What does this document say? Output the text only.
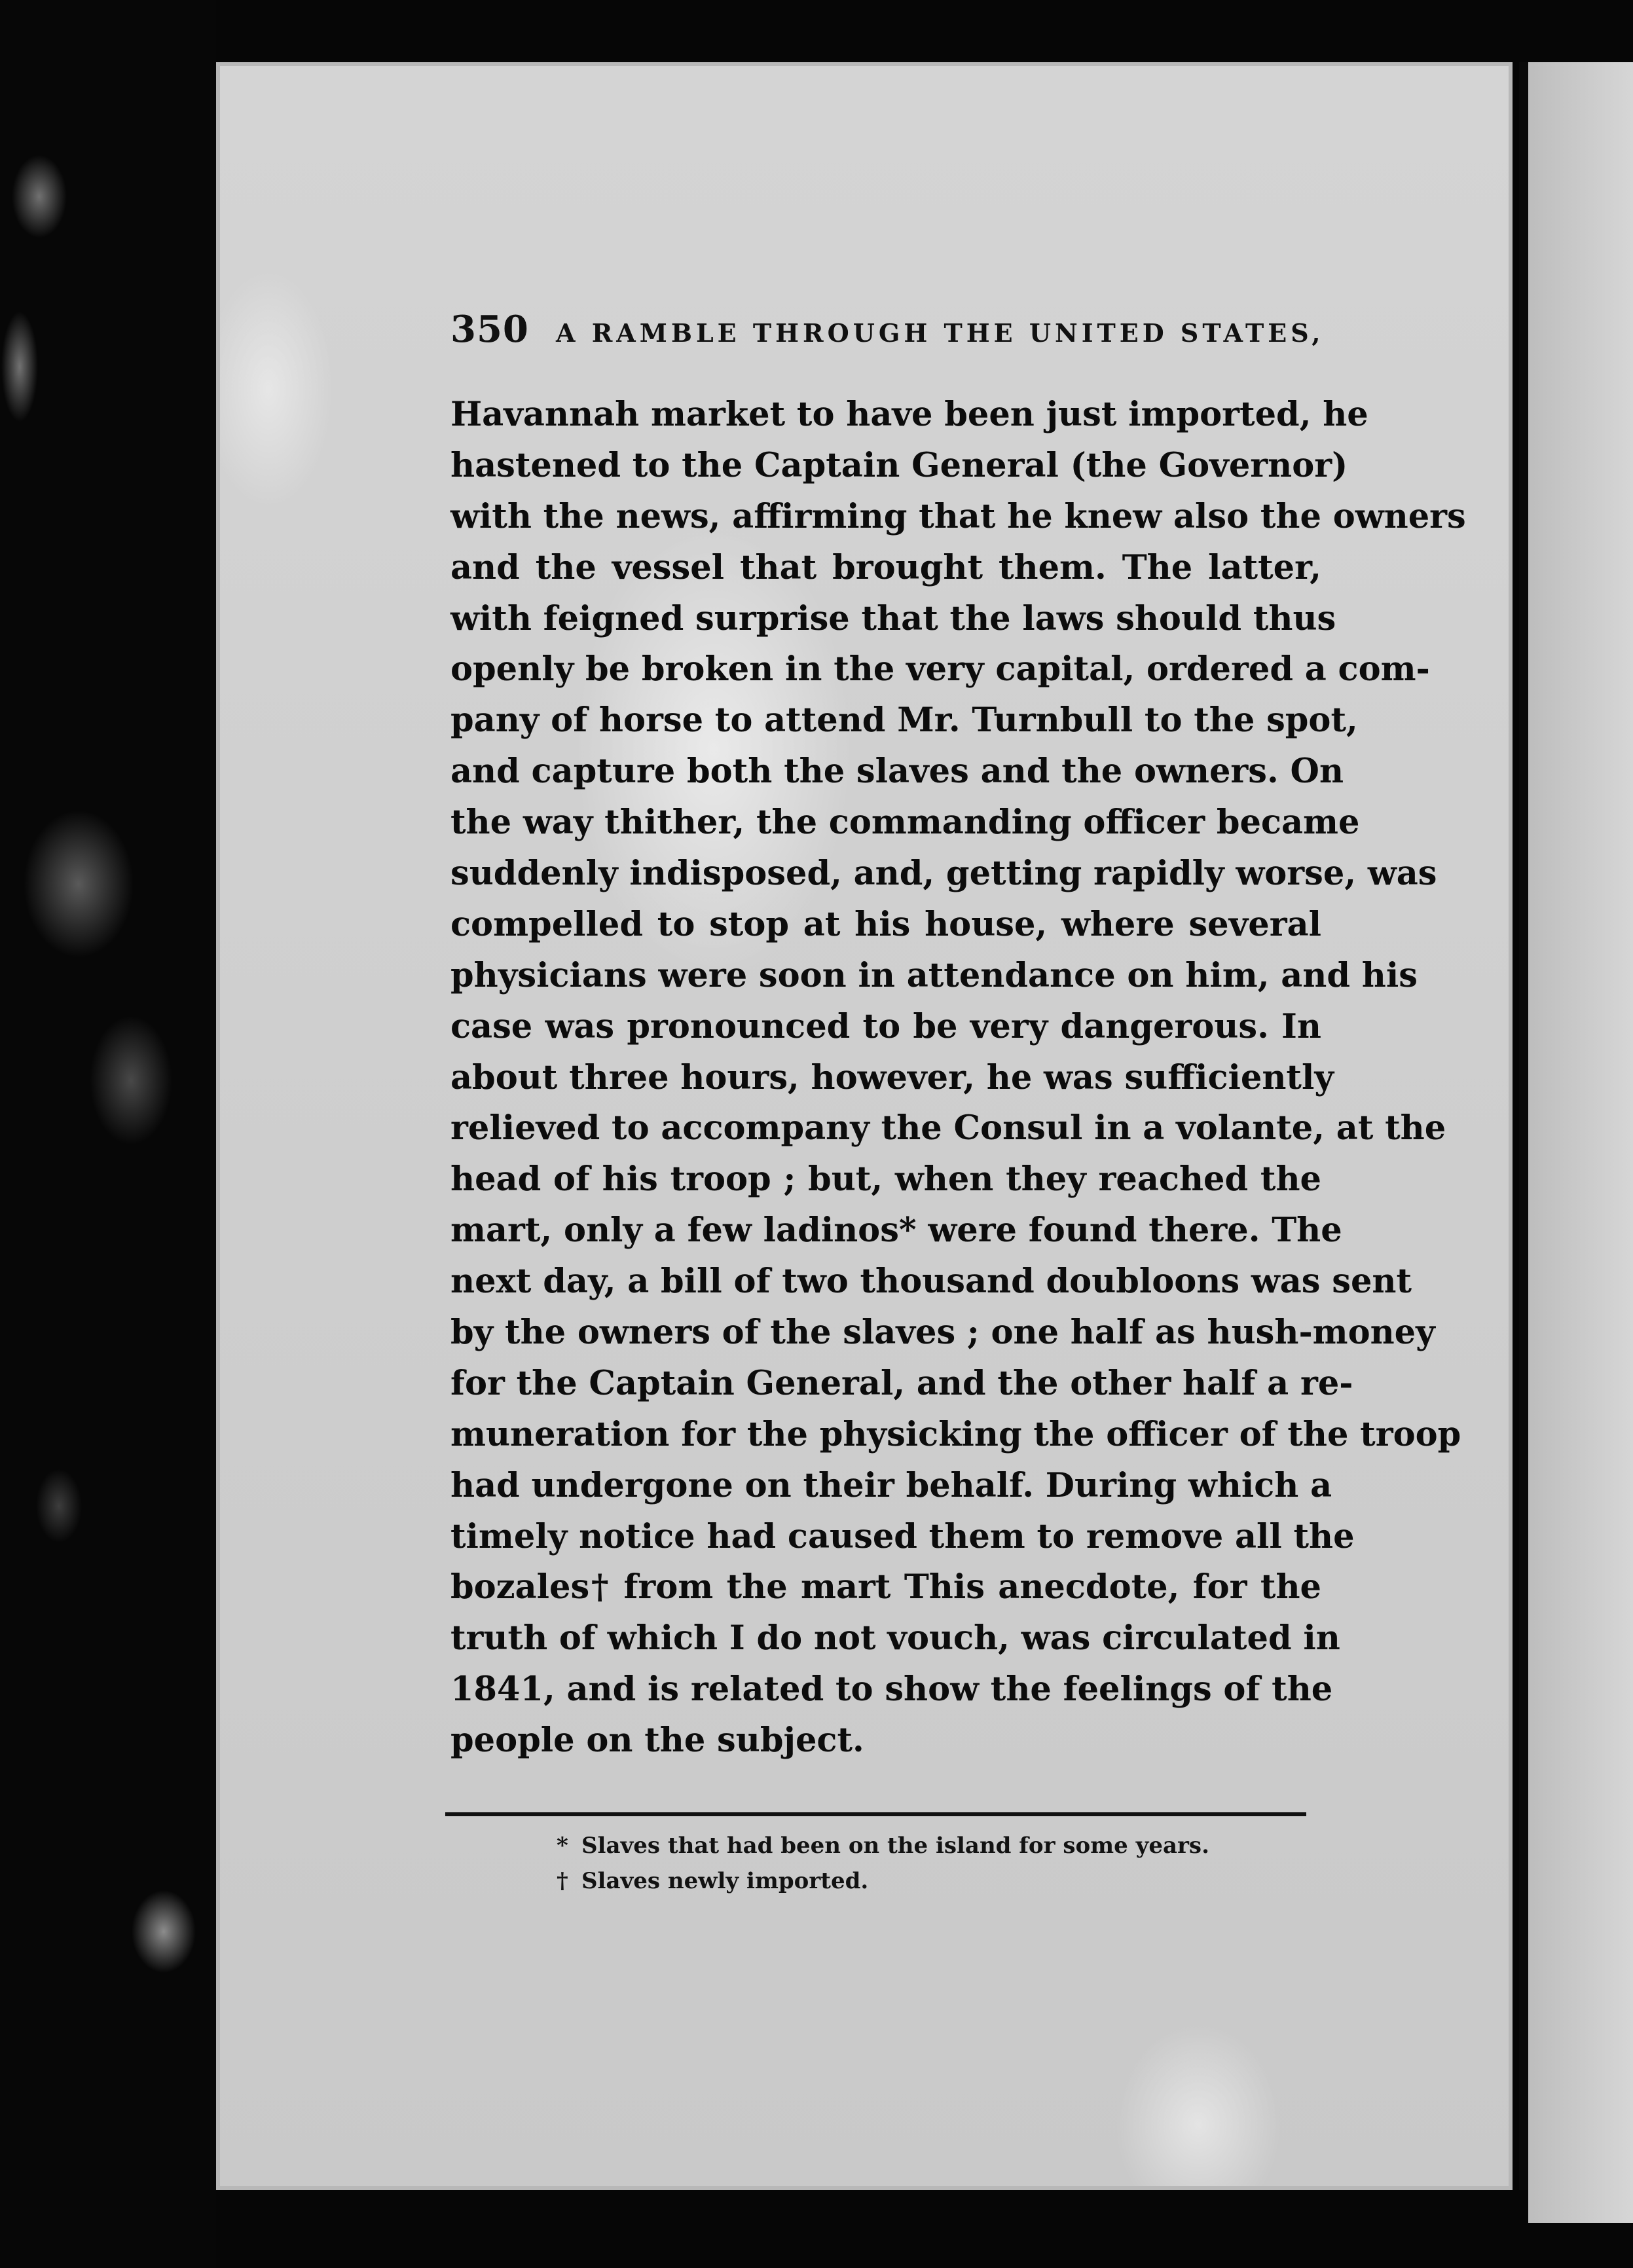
350 A RAMBLE THROUGH THE UNITED STATES,
Havannah market to have been just imported, he
hastened to the Captain General (the Governor)
with the news, affirming that he knew also the owners
and the vessel that brought them. The latter,
with feigned surprise that the laws should thus
openly be broken in the very capital, ordered a com-
pany of horse to attend Mr. Turnbull to the spot,
and capture both the slaves and the owners. On
the way thither, the commanding officer became
suddenly indisposed, and, getting rapidly worse, was
compelled to stop at his house, where several
physicians were soon in attendance on him, and his
case was pronounced to be very dangerous. In
about three hours, however, he was sufficiently
relieved to accompany the Consul in a volante, at the
head of his troop ; but, when they reached the
mart, only a few ladinos* were found there. The
next day, a bill of two thousand doubloons was sent
by the owners of the slaves ; one half as hush-money
for the Captain General, and the other half a re-
muneration for the physicking the officer of the troop
had undergone on their behalf. During which a
timely notice had caused them to remove all the
bozales† from the mart This anecdote, for the
truth of which I do not vouch, was circulated in
1841, and is related to show the feelings of the
people on the subject.
* Slaves that had been on the island for some years.
† Slaves newly imported.
